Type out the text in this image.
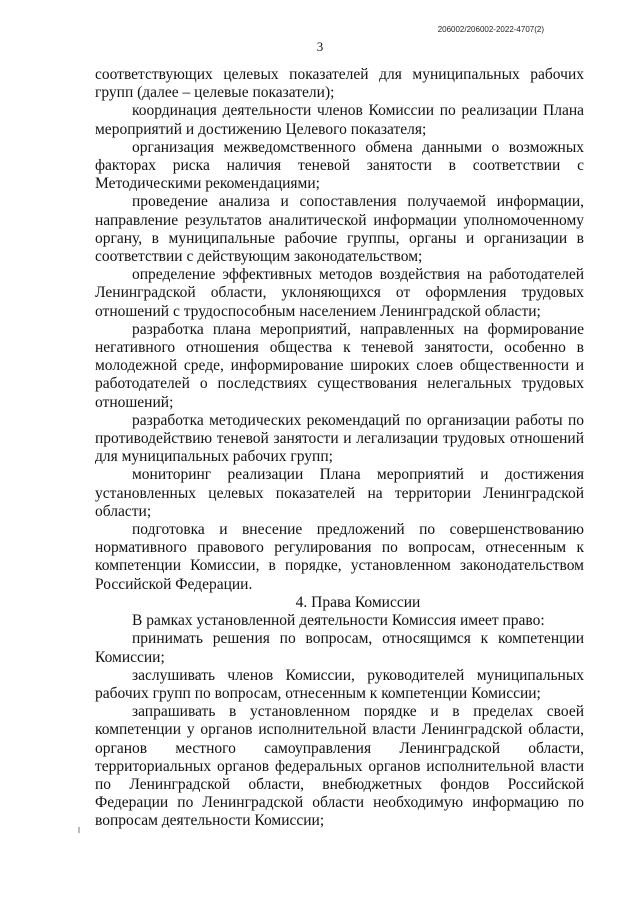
206002/206002-2022-4707(2)
3

соответствующих целевых показателей для муниципальных рабочих групп (далее – целевые показатели);

координация деятельности членов Комиссии по реализации Плана мероприятий и достижению Целевого показателя;

организация межведомственного обмена данными о возможных факторах риска наличия теневой занятости в соответствии с Методическими рекомендациями;

проведение анализа и сопоставления получаемой информации, направление результатов аналитической информации уполномоченному органу, в муниципальные рабочие группы, органы и организации в соответствии с действующим законодательством;

определение эффективных методов воздействия на работодателей Ленинградской области, уклоняющихся от оформления трудовых отношений с трудоспособным населением Ленинградской области;

разработка плана мероприятий, направленных на формирование негативного отношения общества к теневой занятости, особенно в молодежной среде, информирование широких слоев общественности и работодателей о последствиях существования нелегальных трудовых отношений;

разработка методических рекомендаций по организации работы по противодействию теневой занятости и легализации трудовых отношений для муниципальных рабочих групп;

мониторинг реализации Плана мероприятий и достижения установленных целевых показателей на территории Ленинградской области;

подготовка и внесение предложений по совершенствованию нормативного правового регулирования по вопросам, отнесенным к компетенции Комиссии, в порядке, установленном законодательством Российской Федерации.

4. Права Комиссии

В рамках установленной деятельности Комиссия имеет право:

принимать решения по вопросам, относящимся к компетенции Комиссии;

заслушивать членов Комиссии, руководителей муниципальных рабочих групп по вопросам, отнесенным к компетенции Комиссии;

запрашивать в установленном порядке и в пределах своей компетенции у органов исполнительной власти Ленинградской области, органов местного самоуправления Ленинградской области, территориальных органов федеральных органов исполнительной власти по Ленинградской области, внебюджетных фондов Российской Федерации по Ленинградской области необходимую информацию по вопросам деятельности Комиссии;
